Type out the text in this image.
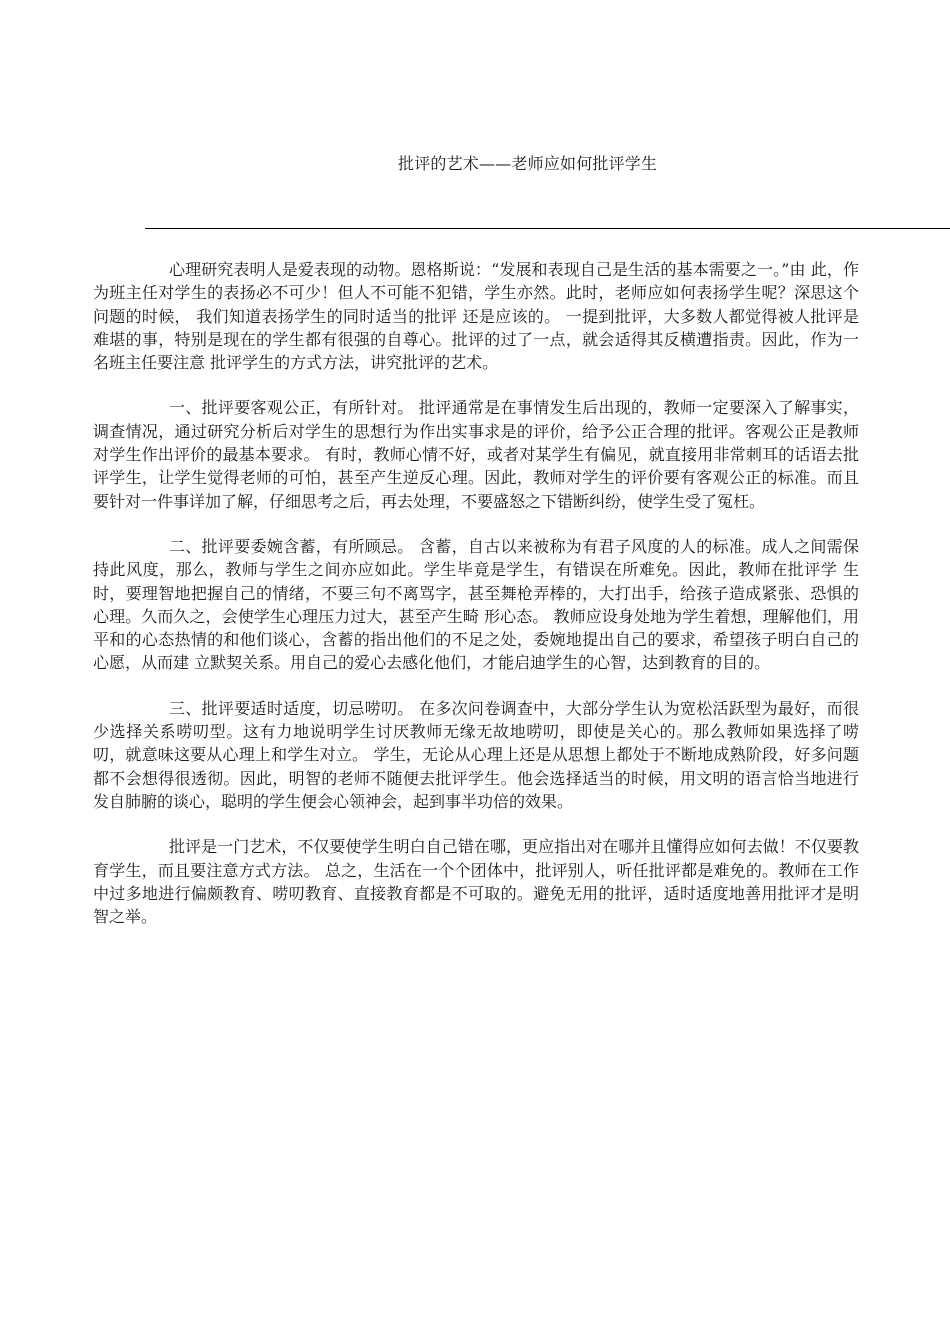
批评的艺术——老师应如何批评学生

心理研究表明人是爱表现的动物。恩格斯说：“发展和表现自己是生活的基本需要之一。”由 此，作为班主任对学生的表扬必不可少！但人不可能不犯错，学生亦然。此时，老师应如何表扬学生呢？深思这个问题的时候， 我们知道表扬学生的同时适当的批评 还是应该的。 一提到批评，大多数人都觉得被人批评是难堪的事，特别是现在的学生都有很强的自尊心。批评的过了一点，就会适得其反横遭指责。因此，作为一名班主任要注意 批评学生的方式方法，讲究批评的艺术。

一、批评要客观公正，有所针对。 批评通常是在事情发生后出现的，教师一定要深入了解事实，调查情况，通过研究分析后对学生的思想行为作出实事求是的评价，给予公正合理的批评。客观公正是教师对学生作出评价的最基本要求。 有时，教师心情不好，或者对某学生有偏见，就直接用非常刺耳的话语去批评学生，让学生觉得老师的可怕，甚至产生逆反心理。因此，教师对学生的评价要有客观公正的标准。而且要针对一件事详加了解，仔细思考之后，再去处理，不要盛怒之下错断纠纷，使学生受了冤枉。

二、批评要委婉含蓄，有所顾忌。 含蓄，自古以来被称为有君子风度的人的标准。成人之间需保持此风度，那么，教师与学生之间亦应如此。学生毕竟是学生，有错误在所难免。因此，教师在批评学 生时，要理智地把握自己的情绪，不要三句不离骂字，甚至舞枪弄棒的，大打出手，给孩子造成紧张、恐惧的心理。久而久之，会使学生心理压力过大，甚至产生畸 形心态。 教师应设身处地为学生着想，理解他们，用平和的心态热情的和他们谈心，含蓄的指出他们的不足之处，委婉地提出自己的要求，希望孩子明白自己的心愿，从而建 立默契关系。用自己的爱心去感化他们，才能启迪学生的心智，达到教育的目的。

三、批评要适时适度，切忌唠叨。 在多次问卷调查中，大部分学生认为宽松活跃型为最好，而很少选择关系唠叨型。这有力地说明学生讨厌教师无缘无故地唠叨，即使是关心的。那么教师如果选择了唠叨，就意味这要从心理上和学生对立。 学生，无论从心理上还是从思想上都处于不断地成熟阶段，好多问题都不会想得很透彻。因此，明智的老师不随便去批评学生。他会选择适当的时候，用文明的语言恰当地进行发自肺腑的谈心，聪明的学生便会心领神会，起到事半功倍的效果。

批评是一门艺术，不仅要使学生明白自己错在哪，更应指出对在哪并且懂得应如何去做！不仅要教育学生，而且要注意方式方法。 总之，生活在一个个团体中，批评别人，听任批评都是难免的。教师在工作中过多地进行偏颇教育、唠叨教育、直接教育都是不可取的。避免无用的批评，适时适度地善用批评才是明智之举。
